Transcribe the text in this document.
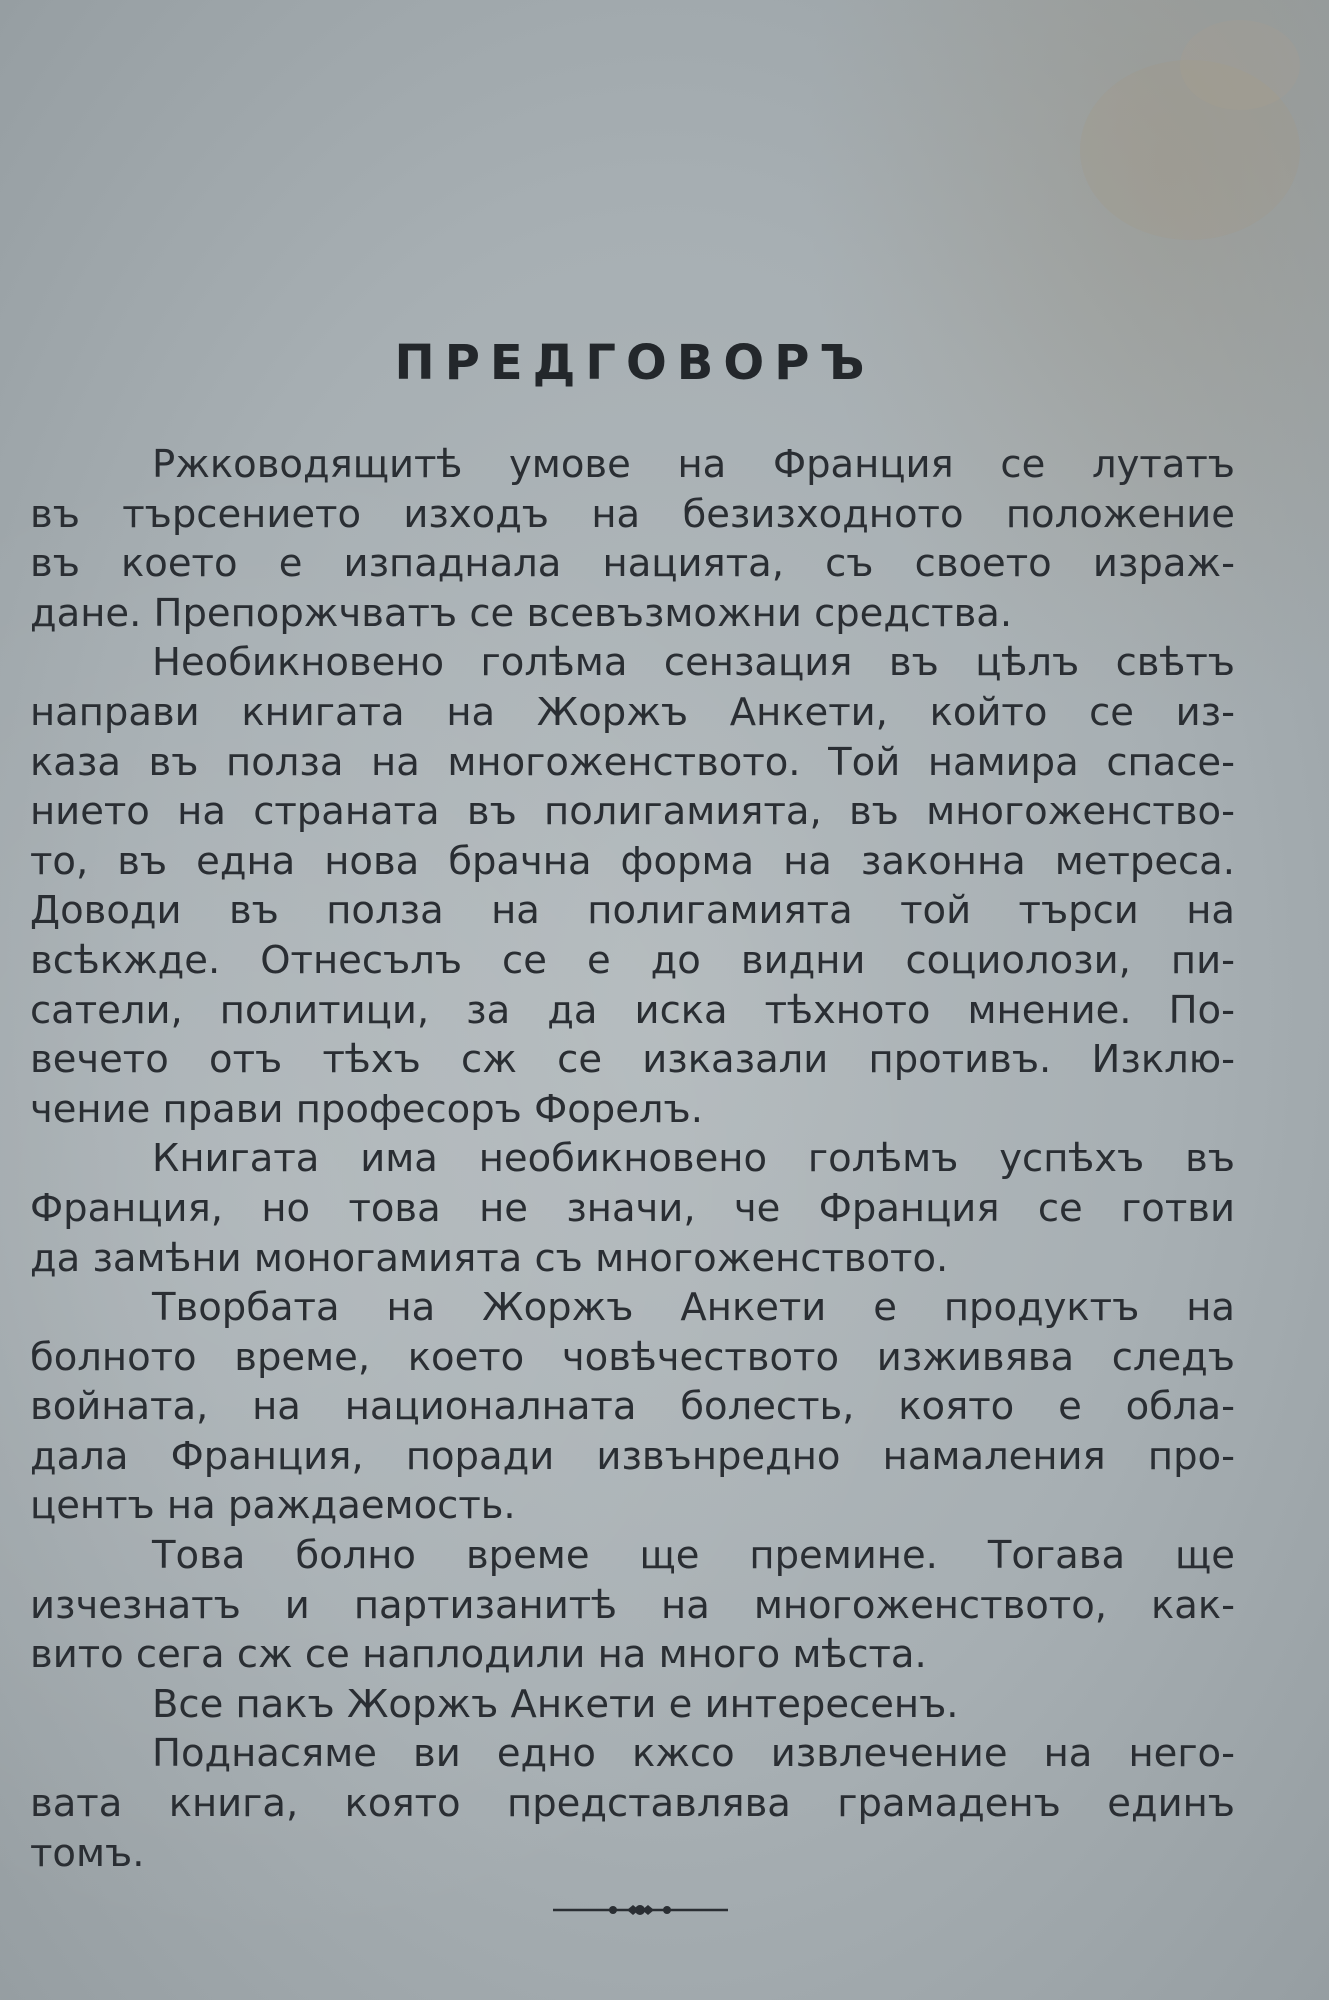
ПРЕДГОВОРЪ
Ржководящитѣ умове на Франция се лутатъ
въ търсението изходъ на безизходното положение
въ което е изпаднала нацията, съ своето израж-
дане. Препоржчватъ се всевъзможни средства.
Необикновено голѣма сензация въ цѣлъ свѣтъ
направи книгата на Жоржъ Анкети, който се из-
каза въ полза на многоженството. Той намира спасе-
нието на страната въ полигамията, въ многоженство-
то, въ една нова брачна форма на законна метреса.
Доводи въ полза на полигамията той търси на
всѣкждe. Отнесълъ се е до видни социолози, пи-
сатели, политици, за да иска тѣхното мнение. По-
вечето отъ тѣхъ сж се изказали противъ. Изклю-
чение прави професоръ Форелъ.
Книгата има необикновено голѣмъ успѣхъ въ
Франция, но това не значи, че Франция се готви
да замѣни моногамията съ многоженството.
Творбата на Жоржъ Анкети е продуктъ на
болното време, което човѣчеството изживява следъ
войната, на националната болесть, която е обла-
дала Франция, поради извънредно намаления про-
центъ на раждаемость.
Това болно време ще премине. Тогава ще
изчезнатъ и партизанитѣ на многоженството, как-
вито сега сж се наплодили на много мѣста.
Все пакъ Жоржъ Анкети е интересенъ.
Поднасяме ви едно кжсо извлечение на него-
вата книга, която представлява грамаденъ единъ
томъ.
